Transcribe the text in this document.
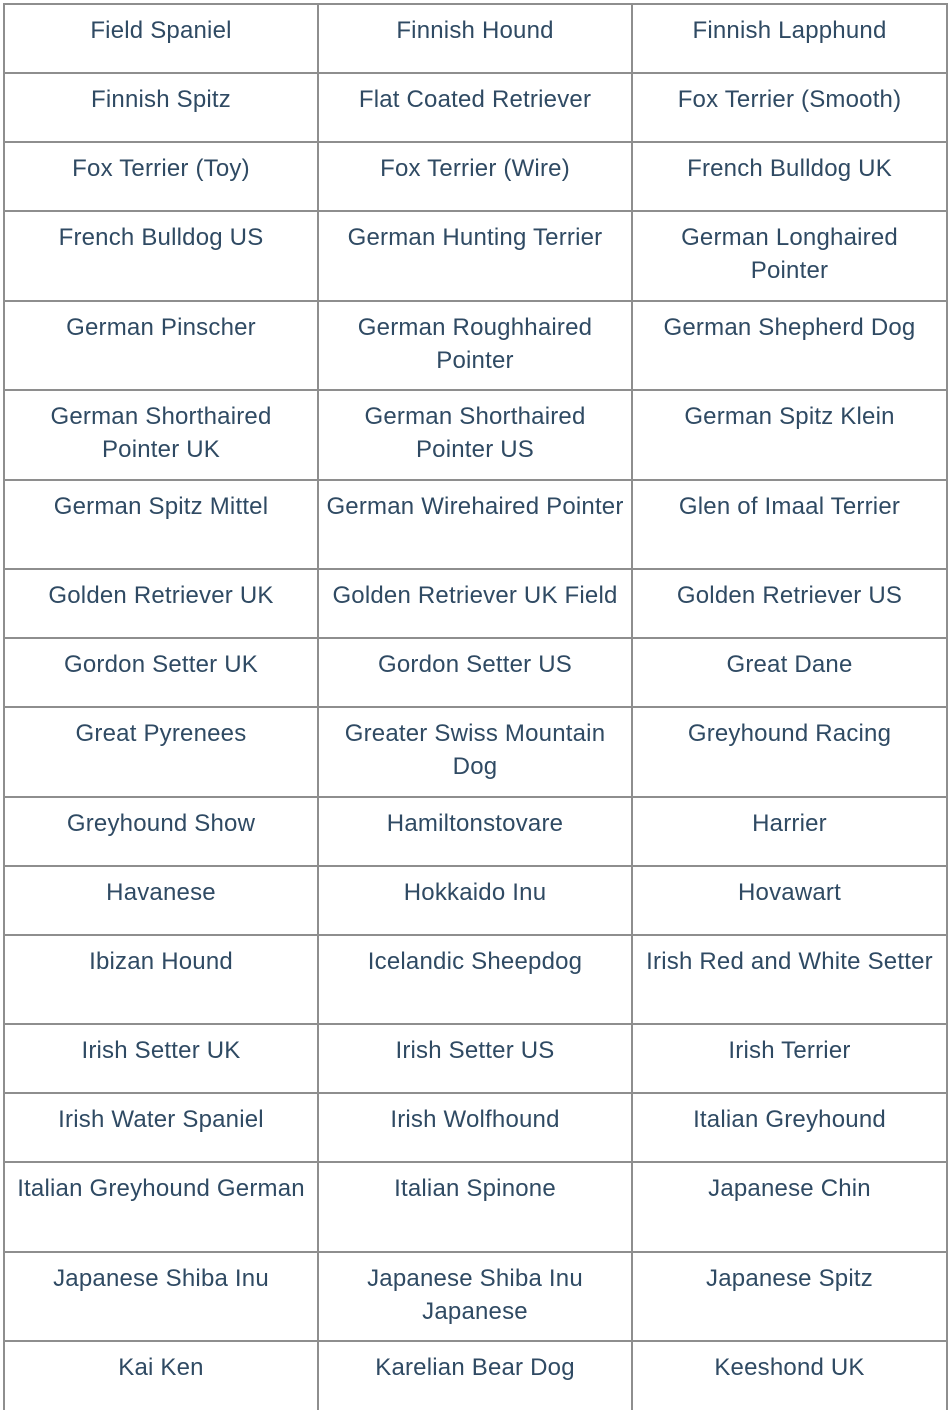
Field Spaniel	Finnish Hound	Finnish Lapphund
Finnish Spitz	Flat Coated Retriever	Fox Terrier (Smooth)
Fox Terrier (Toy)	Fox Terrier (Wire)	French Bulldog UK
French Bulldog US	German Hunting Terrier	German Longhaired Pointer
German Pinscher	German Roughhaired Pointer	German Shepherd Dog
German Shorthaired Pointer UK	German Shorthaired Pointer US	German Spitz Klein
German Spitz Mittel	German Wirehaired Pointer	Glen of Imaal Terrier
Golden Retriever UK	Golden Retriever UK Field	Golden Retriever US
Gordon Setter UK	Gordon Setter US	Great Dane
Great Pyrenees	Greater Swiss Mountain Dog	Greyhound Racing
Greyhound Show	Hamiltonstovare	Harrier
Havanese	Hokkaido Inu	Hovawart
Ibizan Hound	Icelandic Sheepdog	Irish Red and White Setter
Irish Setter UK	Irish Setter US	Irish Terrier
Irish Water Spaniel	Irish Wolfhound	Italian Greyhound
Italian Greyhound German	Italian Spinone	Japanese Chin
Japanese Shiba Inu	Japanese Shiba Inu Japanese	Japanese Spitz
Kai Ken	Karelian Bear Dog	Keeshond UK
